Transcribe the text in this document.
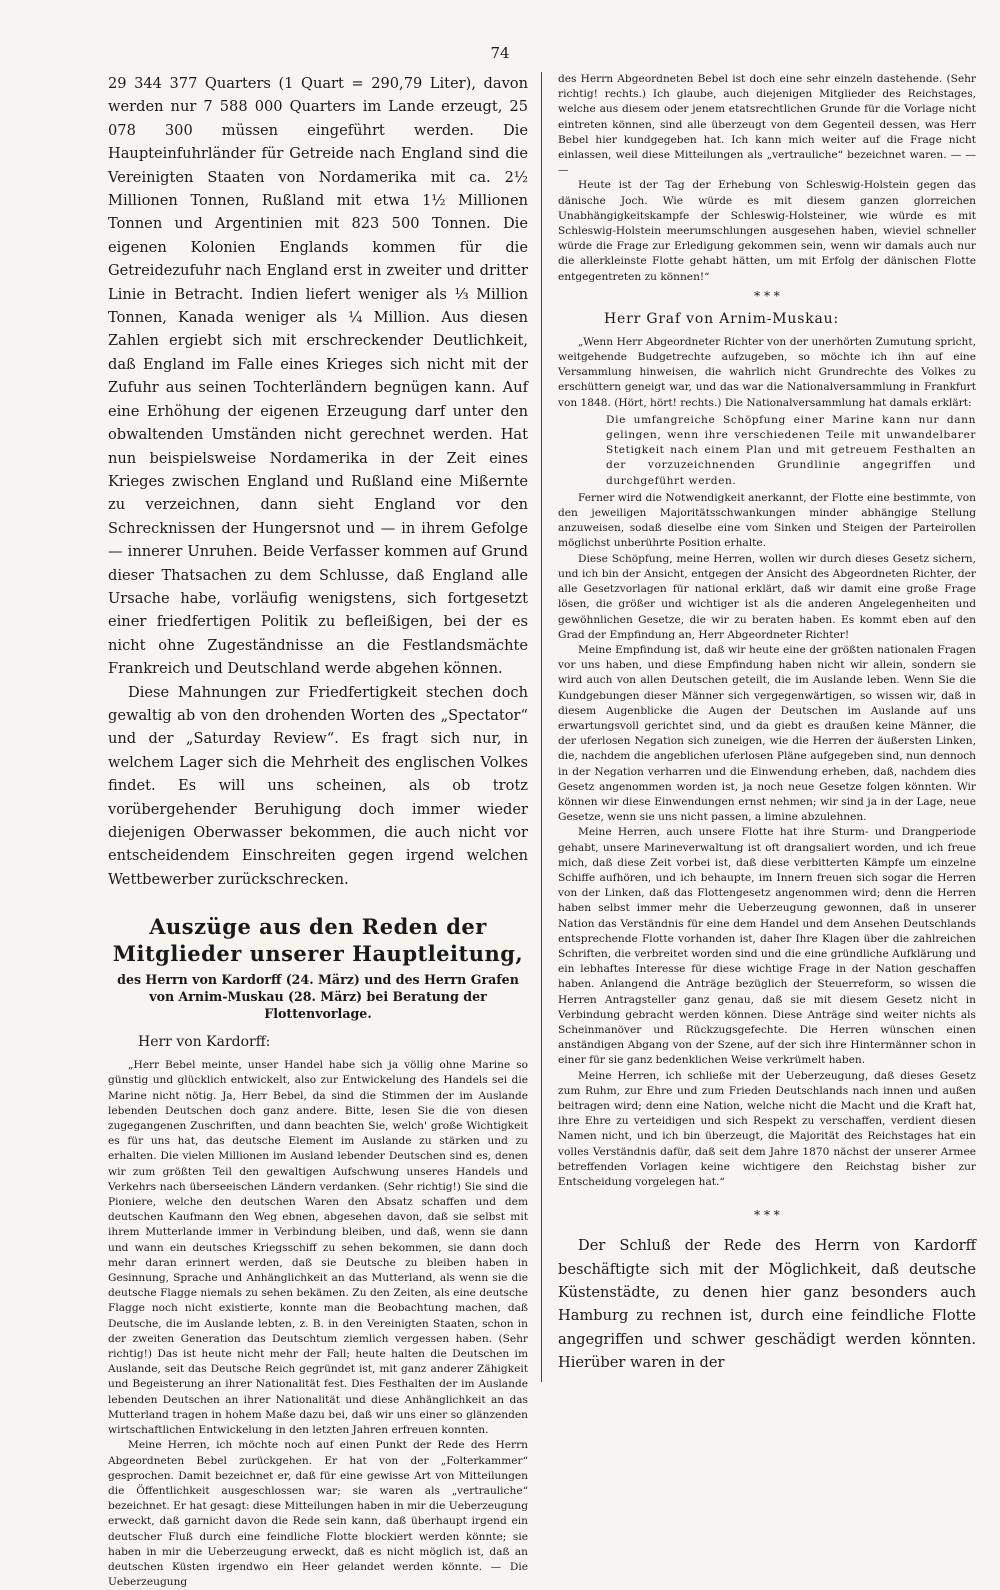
74

29 344 377 Quarters (1 Quart = 290,79 Liter), davon werden nur 7 588 000 Quarters im Lande erzeugt, 25 078 300 müssen eingeführt werden. Die Haupteinfuhrländer für Getreide nach England sind die Vereinigten Staaten von Nordamerika mit ca. 2½ Millionen Tonnen, Rußland mit etwa 1½ Millionen Tonnen und Argentinien mit 823 500 Tonnen. Die eigenen Kolonien Englands kommen für die Getreidezufuhr nach England erst in zweiter und dritter Linie in Betracht. Indien liefert weniger als ⅓ Million Tonnen, Kanada weniger als ¼ Million. Aus diesen Zahlen ergiebt sich mit erschreckender Deutlichkeit, daß England im Falle eines Krieges sich nicht mit der Zufuhr aus seinen Tochterländern begnügen kann. Auf eine Erhöhung der eigenen Erzeugung darf unter den obwaltenden Umständen nicht gerechnet werden. Hat nun beispielsweise Nordamerika in der Zeit eines Krieges zwischen England und Rußland eine Mißernte zu verzeichnen, dann sieht England vor den Schrecknissen der Hungersnot und — in ihrem Gefolge — innerer Unruhen. Beide Verfasser kommen auf Grund dieser Thatsachen zu dem Schlusse, daß England alle Ursache habe, vorläufig wenigstens, sich fortgesetzt einer friedfertigen Politik zu befleißigen, bei der es nicht ohne Zugeständnisse an die Festlandsmächte Frankreich und Deutschland werde abgehen können.

Diese Mahnungen zur Friedfertigkeit stechen doch gewaltig ab von den drohenden Worten des „Spectator“ und der „Saturday Review“. Es fragt sich nur, in welchem Lager sich die Mehrheit des englischen Volkes findet. Es will uns scheinen, als ob trotz vorübergehender Beruhigung doch immer wieder diejenigen Oberwasser bekommen, die auch nicht vor entscheidendem Einschreiten gegen irgend welchen Wettbewerber zurückschrecken.

Auszüge aus den Reden der Mitglieder unserer Hauptleitung,
des Herrn von Kardorff (24. März) und des Herrn Grafen von Arnim-Muskau (28. März) bei Beratung der Flottenvorlage.
Herr von Kardorff:

„Herr Bebel meinte, unser Handel habe sich ja völlig ohne Marine so günstig und glücklich entwickelt, also zur Entwickelung des Handels sei die Marine nicht nötig. Ja, Herr Bebel, da sind die Stimmen der im Auslande lebenden Deutschen doch ganz andere. Bitte, lesen Sie die von diesen zugegangenen Zuschriften, und dann beachten Sie, welch' große Wichtigkeit es für uns hat, das deutsche Element im Auslande zu stärken und zu erhalten. Die vielen Millionen im Ausland lebender Deutschen sind es, denen wir zum größten Teil den gewaltigen Aufschwung unseres Handels und Verkehrs nach überseeischen Ländern verdanken. (Sehr richtig!) Sie sind die Pioniere, welche den deutschen Waren den Absatz schaffen und dem deutschen Kaufmann den Weg ebnen, abgesehen davon, daß sie selbst mit ihrem Mutterlande immer in Verbindung bleiben, und daß, wenn sie dann und wann ein deutsches Kriegsschiff zu sehen bekommen, sie dann doch mehr daran erinnert werden, daß sie Deutsche zu bleiben haben in Gesinnung, Sprache und Anhänglichkeit an das Mutterland, als wenn sie die deutsche Flagge niemals zu sehen bekämen. Zu den Zeiten, als eine deutsche Flagge noch nicht existierte, konnte man die Beobachtung machen, daß Deutsche, die im Auslande lebten, z. B. in den Vereinigten Staaten, schon in der zweiten Generation das Deutschtum ziemlich vergessen haben. (Sehr richtig!) Das ist heute nicht mehr der Fall; heute halten die Deutschen im Auslande, seit das Deutsche Reich gegründet ist, mit ganz anderer Zähigkeit und Begeisterung an ihrer Nationalität fest. Dies Festhalten der im Auslande lebenden Deutschen an ihrer Nationalität und diese Anhänglichkeit an das Mutterland tragen in hohem Maße dazu bei, daß wir uns einer so glänzenden wirtschaftlichen Entwickelung in den letzten Jahren erfreuen konnten.

Meine Herren, ich möchte noch auf einen Punkt der Rede des Herrn Abgeordneten Bebel zurückgehen. Er hat von der „Folterkammer“ gesprochen. Damit bezeichnet er, daß für eine gewisse Art von Mitteilungen die Öffentlichkeit ausgeschlossen war; sie waren als „vertrauliche“ bezeichnet. Er hat gesagt: diese Mitteilungen haben in mir die Ueberzeugung erweckt, daß garnicht davon die Rede sein kann, daß überhaupt irgend ein deutscher Fluß durch eine feindliche Flotte blockiert werden könnte; sie haben in mir die Ueberzeugung erweckt, daß es nicht möglich ist, daß an deutschen Küsten irgendwo ein Heer gelandet werden könnte. — Die Ueberzeugung

des Herrn Abgeordneten Bebel ist doch eine sehr einzeln dastehende. (Sehr richtig! rechts.) Ich glaube, auch diejenigen Mitglieder des Reichstages, welche aus diesem oder jenem etatsrechtlichen Grunde für die Vorlage nicht eintreten können, sind alle überzeugt von dem Gegenteil dessen, was Herr Bebel hier kundgegeben hat. Ich kann mich weiter auf die Frage nicht einlassen, weil diese Mitteilungen als „vertrauliche“ bezeichnet waren. — — —

Heute ist der Tag der Erhebung von Schleswig-Holstein gegen das dänische Joch. Wie würde es mit diesem ganzen glorreichen Unabhängigkeitskampfe der Schleswig-Holsteiner, wie würde es mit Schleswig-Holstein meerumschlungen ausgesehen haben, wieviel schneller würde die Frage zur Erledigung gekommen sein, wenn wir damals auch nur die allerkleinste Flotte gehabt hätten, um mit Erfolg der dänischen Flotte entgegentreten zu können!“

* * *
Herr Graf von Arnim-Muskau:

„Wenn Herr Abgeordneter Richter von der unerhörten Zumutung spricht, weitgehende Budgetrechte aufzugeben, so möchte ich ihn auf eine Versammlung hinweisen, die wahrlich nicht Grundrechte des Volkes zu erschüttern geneigt war, und das war die Nationalversammlung in Frankfurt von 1848. (Hört, hört! rechts.) Die Nationalversammlung hat damals erklärt:

Die umfangreiche Schöpfung einer Marine kann nur dann gelingen, wenn ihre verschiedenen Teile mit unwandelbarer Stetigkeit nach einem Plan und mit getreuem Festhalten an der vorzuzeichnenden Grundlinie angegriffen und durchgeführt werden.

Ferner wird die Notwendigkeit anerkannt, der Flotte eine bestimmte, von den jeweiligen Majoritätsschwankungen minder abhängige Stellung anzuweisen, sodaß dieselbe eine vom Sinken und Steigen der Parteirollen möglichst unberührte Position erhalte.

Diese Schöpfung, meine Herren, wollen wir durch dieses Gesetz sichern, und ich bin der Ansicht, entgegen der Ansicht des Abgeordneten Richter, der alle Gesetzvorlagen für national erklärt, daß wir damit eine große Frage lösen, die größer und wichtiger ist als die anderen Angelegenheiten und gewöhnlichen Gesetze, die wir zu beraten haben. Es kommt eben auf den Grad der Empfindung an, Herr Abgeordneter Richter!

Meine Empfindung ist, daß wir heute eine der größten nationalen Fragen vor uns haben, und diese Empfindung haben nicht wir allein, sondern sie wird auch von allen Deutschen geteilt, die im Auslande leben. Wenn Sie die Kundgebungen dieser Männer sich vergegenwärtigen, so wissen wir, daß in diesem Augenblicke die Augen der Deutschen im Auslande auf uns erwartungsvoll gerichtet sind, und da giebt es draußen keine Männer, die der uferlosen Negation sich zuneigen, wie die Herren der äußersten Linken, die, nachdem die angeblichen uferlosen Pläne aufgegeben sind, nun dennoch in der Negation verharren und die Einwendung erheben, daß, nachdem dies Gesetz angenommen worden ist, ja noch neue Gesetze folgen könnten. Wir können wir diese Einwendungen ernst nehmen; wir sind ja in der Lage, neue Gesetze, wenn sie uns nicht passen, a limine abzulehnen.

Meine Herren, auch unsere Flotte hat ihre Sturm- und Drangperiode gehabt, unsere Marineverwaltung ist oft drangsaliert worden, und ich freue mich, daß diese Zeit vorbei ist, daß diese verbitterten Kämpfe um einzelne Schiffe aufhören, und ich behaupte, im Innern freuen sich sogar die Herren von der Linken, daß das Flottengesetz angenommen wird; denn die Herren haben selbst immer mehr die Ueberzeugung gewonnen, daß in unserer Nation das Verständnis für eine dem Handel und dem Ansehen Deutschlands entsprechende Flotte vorhanden ist, daher Ihre Klagen über die zahlreichen Schriften, die verbreitet worden sind und die eine gründliche Aufklärung und ein lebhaftes Interesse für diese wichtige Frage in der Nation geschaffen haben. Anlangend die Anträge bezüglich der Steuerreform, so wissen die Herren Antragsteller ganz genau, daß sie mit diesem Gesetz nicht in Verbindung gebracht werden können. Diese Anträge sind weiter nichts als Scheinmanöver und Rückzugsgefechte. Die Herren wünschen einen anständigen Abgang von der Szene, auf der sich ihre Hintermänner schon in einer für sie ganz bedenklichen Weise verkrümelt haben.

Meine Herren, ich schließe mit der Ueberzeugung, daß dieses Gesetz zum Ruhm, zur Ehre und zum Frieden Deutschlands nach innen und außen beitragen wird; denn eine Nation, welche nicht die Macht und die Kraft hat, ihre Ehre zu verteidigen und sich Respekt zu verschaffen, verdient diesen Namen nicht, und ich bin überzeugt, die Majorität des Reichstages hat ein volles Verständnis dafür, daß seit dem Jahre 1870 nächst der unserer Armee betreffenden Vorlagen keine wichtigere den Reichstag bisher zur Entscheidung vorgelegen hat.“

* * *

Der Schluß der Rede des Herrn von Kardorff beschäftigte sich mit der Möglichkeit, daß deutsche Küstenstädte, zu denen hier ganz besonders auch Hamburg zu rechnen ist, durch eine feindliche Flotte angegriffen und schwer geschädigt werden könnten. Hierüber waren in der
